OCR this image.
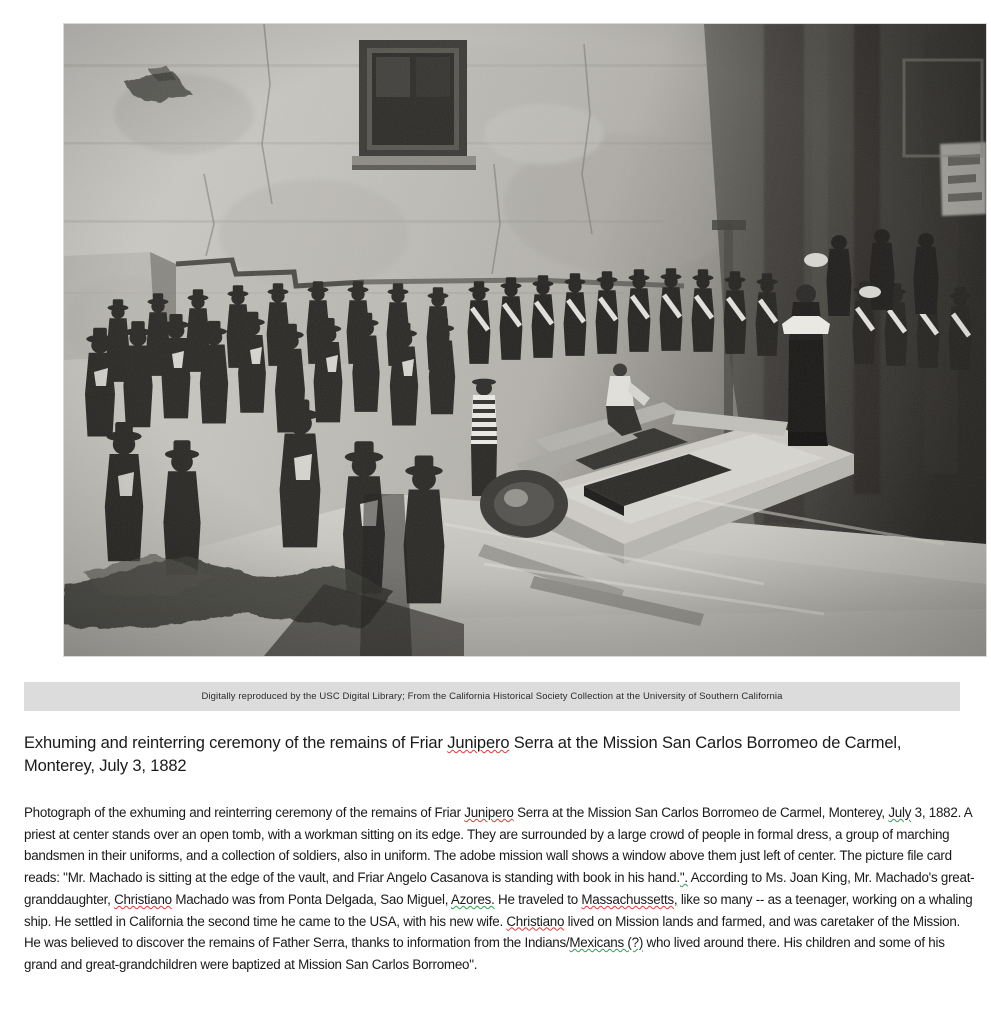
Digitally reproduced by the USC Digital Library; From the California Historical Society Collection at the University of Southern California
Exhuming and reinterring ceremony of the remains of Friar Junipero Serra at the Mission San Carlos Borromeo de Carmel, Monterey, July 3, 1882

Photograph of the exhuming and reinterring ceremony of the remains of Friar Junipero Serra at the Mission San Carlos Borromeo de Carmel, Monterey, July 3, 1882. A priest at center stands over an open tomb, with a workman sitting on its edge. They are surrounded by a large crowd of people in formal dress, a group of marching bandsmen in their uniforms, and a collection of soldiers, also in uniform. The adobe mission wall shows a window above them just left of center. The picture file card reads: "Mr. Machado is sitting at the edge of the vault, and Friar Angelo Casanova is standing with book in his hand.". According to Ms. Joan King, Mr. Machado's great-granddaughter, Christiano Machado was from Ponta Delgada, Sao Miguel, Azores. He traveled to Massachussetts, like so many -- as a teenager, working on a whaling ship. He settled in California the second time he came to the USA, with his new wife. Christiano lived on Mission lands and farmed, and was caretaker of the Mission. He was believed to discover the remains of Father Serra, thanks to information from the Indians/Mexicans (?) who lived around there. His children and some of his grand and great-grandchildren were baptized at Mission San Carlos Borromeo".
